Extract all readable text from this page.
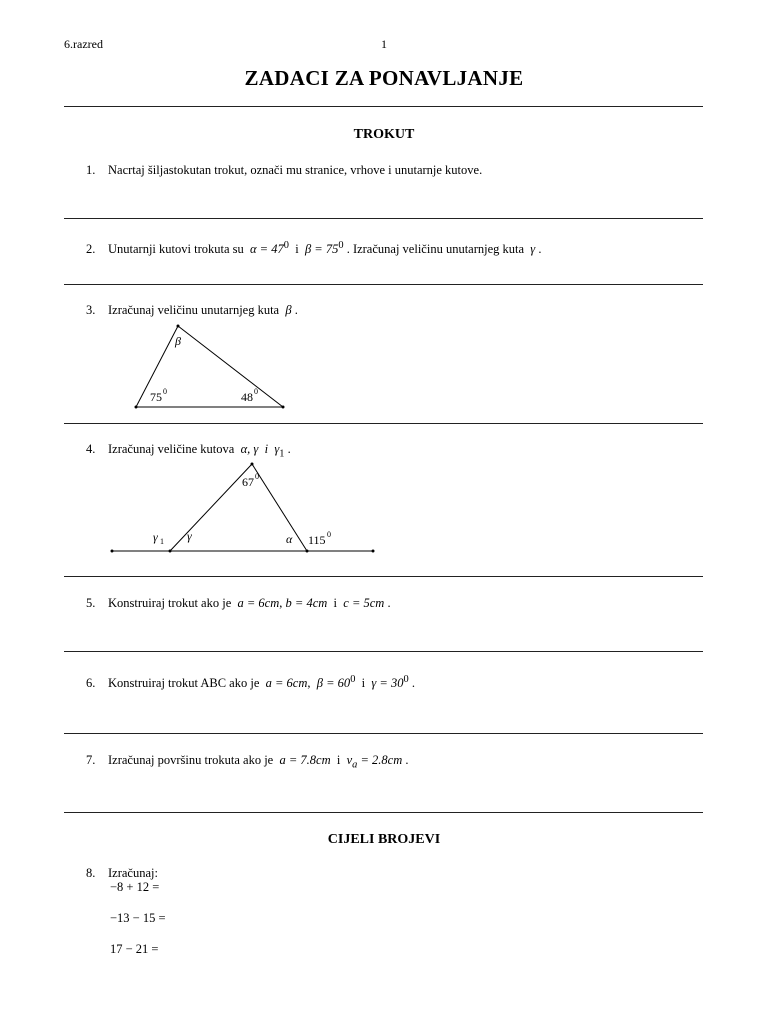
6.razred	1
ZADACI ZA PONAVLJANJE
TROKUT
1. Nacrtaj šiljastokutan trokut, označi mu stranice, vrhove i unutarnje kutove.
2. Unutarnji kutovi trokuta su $\alpha = 47^0$ i $\beta = 75^0$ . Izračunaj veličinu unutarnjeg kuta γ .
3. Izračunaj veličinu unutarnjeg kuta β .
β
75 0	48 0
4. Izračunaj veličine kutova α, γ i $\gamma_1$ .
67 0
γ 1 γ	α 115 0
5. Konstruiraj trokut ako je a = 6cm, b = 4cm i c = 5cm .
6. Konstruiraj trokut ABC ako je a = 6cm,  $\beta = 60^0$ i $\gamma = 30^0$ .
7. Izračunaj površinu trokuta ako je a = 7.8cm i $v_a = 2.8cm$ .
CIJELI BROJEVI
8. Izračunaj:
−8 + 12 =
−13 − 15 =
17 − 21 =
